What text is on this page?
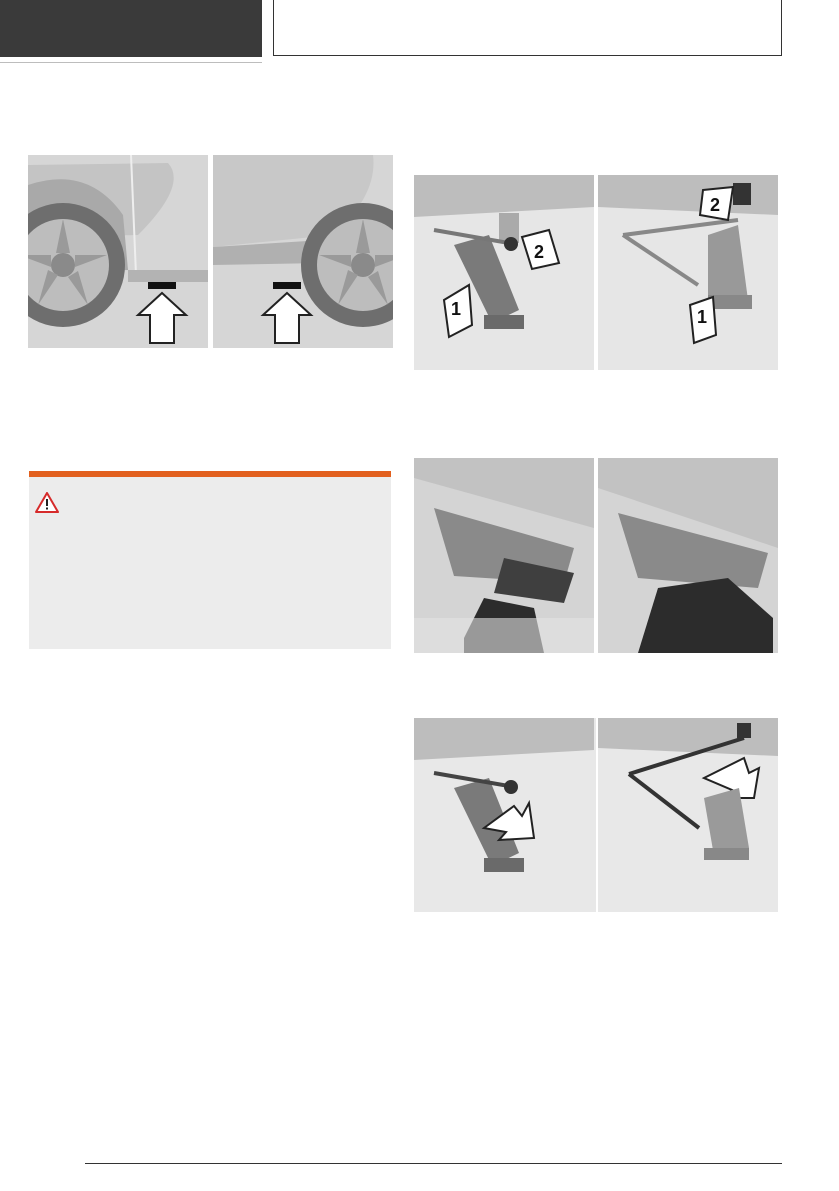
2
1
2
1
